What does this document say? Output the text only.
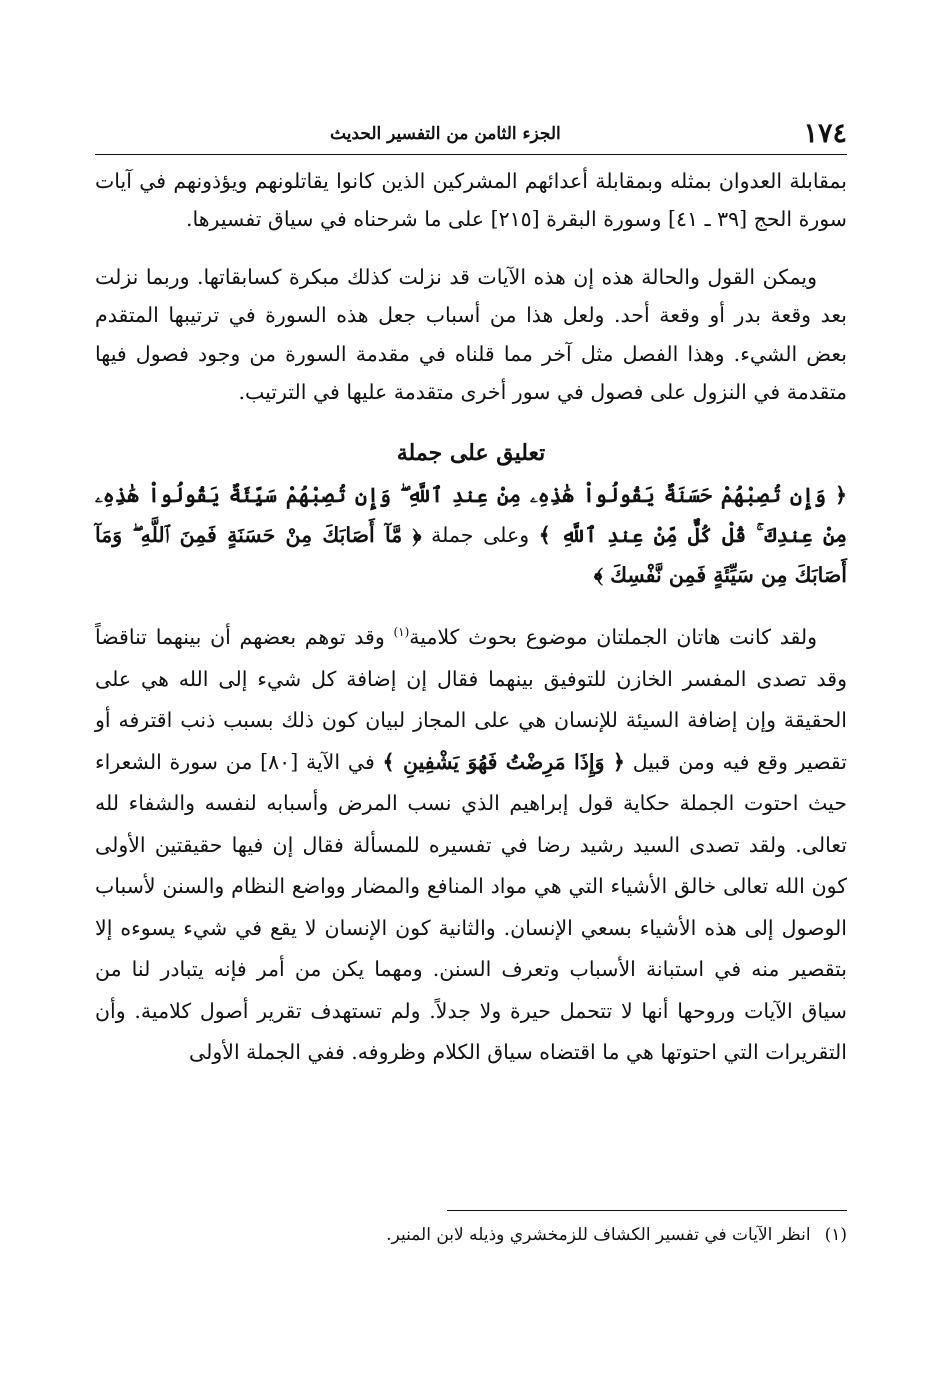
١٧٤
الجزء الثامن من التفسير الحديث

بمقابلة العدوان بمثله وبمقابلة أعدائهم المشركين الذين كانوا يقاتلونهم ويؤذونهم في آيات سورة الحج [٣٩ ـ ٤١] وسورة البقرة [٢١٥] على ما شرحناه في سياق تفسيرها.

ويمكن القول والحالة هذه إن هذه الآيات قد نزلت كذلك مبكرة كسابقاتها. وربما نزلت بعد وقعة بدر أو وقعة أحد. ولعل هذا من أسباب جعل هذه السورة في ترتيبها المتقدم بعض الشيء. وهذا الفصل مثل آخر مما قلناه في مقدمة السورة من وجود فصول فيها متقدمة في النزول على فصول في سور أخرى متقدمة عليها في الترتيب.

تعليق على جملة

﴿ وَإِن تُصِبْهُمْ حَسَنَةٌ يَقُولُواْ هَٰذِهِۦ مِنْ عِندِ ٱللَّهِ ۖ وَإِن تُصِبْهُمْ سَيِّئَةٌ يَقُولُواْ هَٰذِهِۦ مِنْ عِندِكَ ۚ قُلْ كُلٌّ مِّنْ عِندِ ٱللَّهِ ﴾ وعلى جملة ﴿ مَّآ أَصَابَكَ مِنْ حَسَنَةٍ فَمِنَ ٱللَّهِ ۖ وَمَآ أَصَابَكَ مِن سَيِّئَةٍ فَمِن نَّفْسِكَ ﴾

ولقد كانت هاتان الجملتان موضوع بحوث كلامية$^{(١)}$ وقد توهم بعضهم أن بينهما تناقضاً وقد تصدى المفسر الخازن للتوفيق بينهما فقال إن إضافة كل شيء إلى الله هي على الحقيقة وإن إضافة السيئة للإنسان هي على المجاز لبيان كون ذلك بسبب ذنب اقترفه أو تقصير وقع فيه ومن قبيل ﴿ وَإِذَا مَرِضْتُ فَهُوَ يَشْفِينِ ﴾ في الآية [٨٠] من سورة الشعراء حيث احتوت الجملة حكاية قول إبراهيم الذي نسب المرض وأسبابه لنفسه والشفاء لله تعالى. ولقد تصدى السيد رشيد رضا في تفسيره للمسألة فقال إن فيها حقيقتين الأولى كون الله تعالى خالق الأشياء التي هي مواد المنافع والمضار وواضع النظام والسنن لأسباب الوصول إلى هذه الأشياء بسعي الإنسان. والثانية كون الإنسان لا يقع في شيء يسوءه إلا بتقصير منه في استبانة الأسباب وتعرف السنن. ومهما يكن من أمر فإنه يتبادر لنا من سياق الآيات وروحها أنها لا تتحمل حيرة ولا جدلاً. ولم تستهدف تقرير أصول كلامية. وأن التقريرات التي احتوتها هي ما اقتضاه سياق الكلام وظروفه. ففي الجملة الأولى

(١)انظر الآيات في تفسير الكشاف للزمخشري وذيله لابن المنير.
